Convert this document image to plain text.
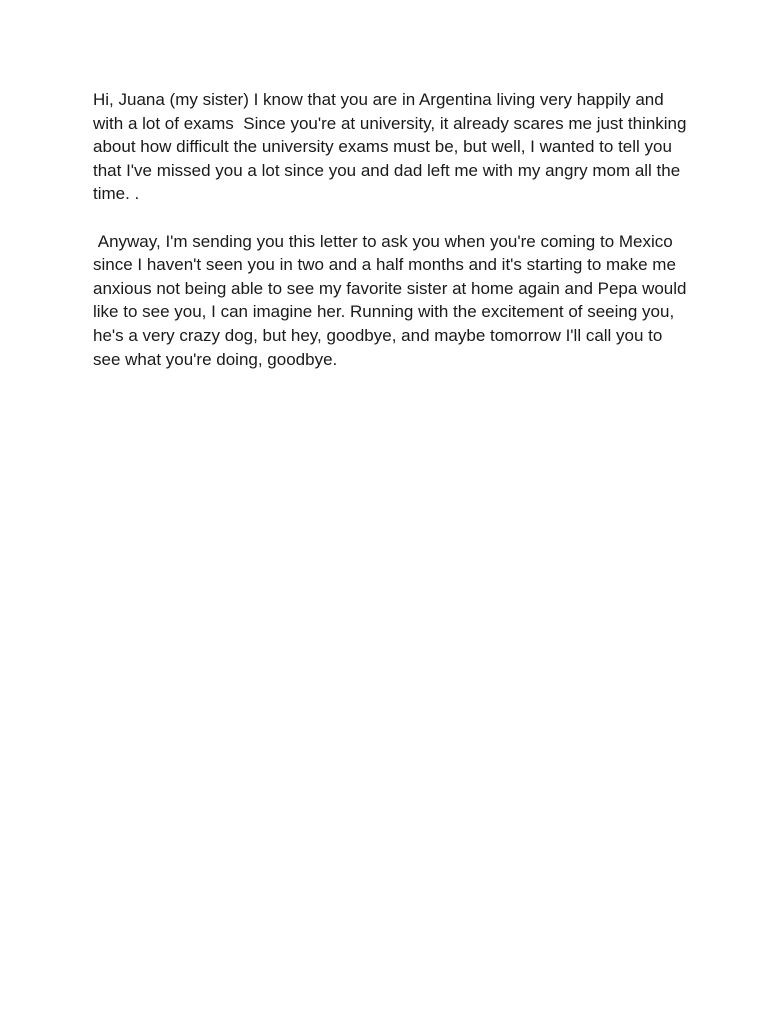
Hi, Juana (my sister) I know that you are in Argentina living very happily and with a lot of exams  Since you're at university, it already scares me just thinking about how difficult the university exams must be, but well, I wanted to tell you that I've missed you a lot since you and dad left me with my angry mom all the time. .

Anyway, I'm sending you this letter to ask you when you're coming to Mexico since I haven't seen you in two and a half months and it's starting to make me anxious not being able to see my favorite sister at home again and Pepa would like to see you, I can imagine her. Running with the excitement of seeing you, he's a very crazy dog, but hey, goodbye, and maybe tomorrow I'll call you to see what you're doing, goodbye.
